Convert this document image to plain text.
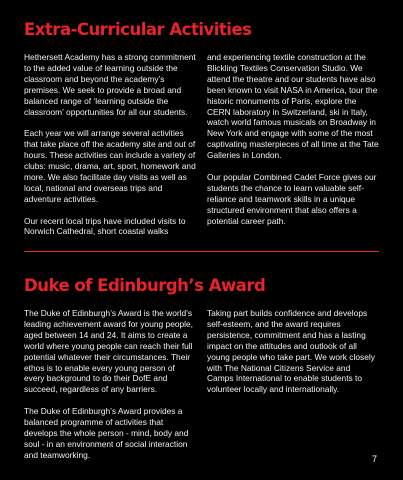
Extra-Curricular Activities

Hethersett Academy has a strong commitment to the added value of learning outside the classroom and beyond the academy’s premises. We seek to provide a broad and balanced range of ‘learning outside the classroom’ opportunities for all our students.

Each year we will arrange several activities that take place off the academy site and out of hours. These activities can include a variety of clubs: music, drama, art, sport, homework and more. We also facilitate day visits as well as local, national and overseas trips and adventure activities.

Our recent local trips have included visits to Norwich Cathedral, short coastal walks

and experiencing textile construction at the Blickling Textiles Conservation Studio. We attend the theatre and our students have also been known to visit NASA in America, tour the historic monuments of Paris, explore the CERN laboratory in Switzerland, ski in Italy, watch world famous musicals on Broadway in New York and engage with some of the most captivating masterpieces of all time at the Tate Galleries in London.

Our popular Combined Cadet Force gives our students the chance to learn valuable self-reliance and teamwork skills in a unique structured environment that also offers a potential career path.

Duke of Edinburgh’s Award

The Duke of Edinburgh’s Award is the world’s leading achievement award for young people, aged between 14 and 24. It aims to create a world where young people can reach their full potential whatever their circumstances. Their ethos is to enable every young person of every background to do their DofE and succeed, regardless of any barriers.

The Duke of Edinburgh’s Award provides a balanced programme of activities that develops the whole person - mind, body and soul - in an environment of social interaction and teamworking.

Taking part builds confidence and develops self-esteem, and the award requires persistence, commitment and has a lasting impact on the attitudes and outlook of all young people who take part. We work closely with The National Citizens Service and Camps International to enable students to volunteer locally and internationally.

7
